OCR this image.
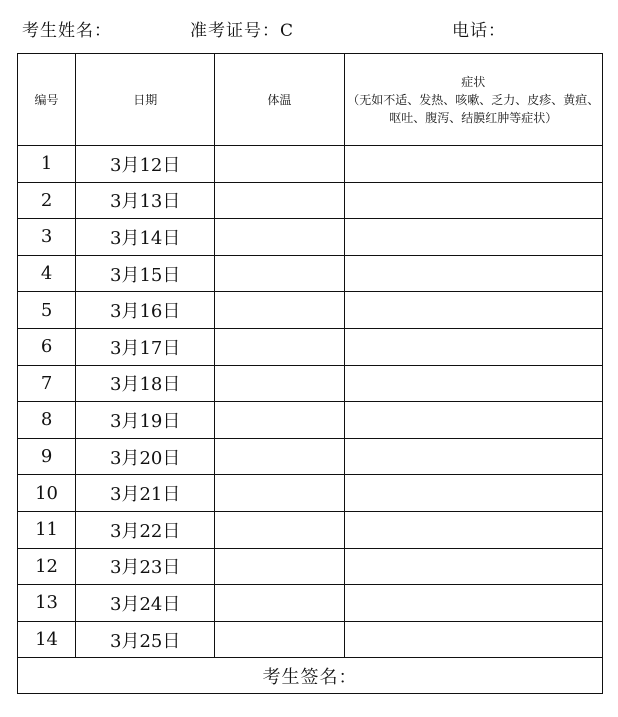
考生姓名：	准考证号：C	电话：
编号	日期	体温	症状
（无如不适、发热、咳嗽、乏力、皮疹、黄疸、呕吐、腹泻、结膜红肿等症状）

1	3月12日		
2	3月13日		
3	3月14日		
4	3月15日		
5	3月16日		
6	3月17日		
7	3月18日		
8	3月19日		
9	3月20日		
10	3月21日		
11	3月22日		
12	3月23日		
13	3月24日		
14	3月25日		
考生签名：			
